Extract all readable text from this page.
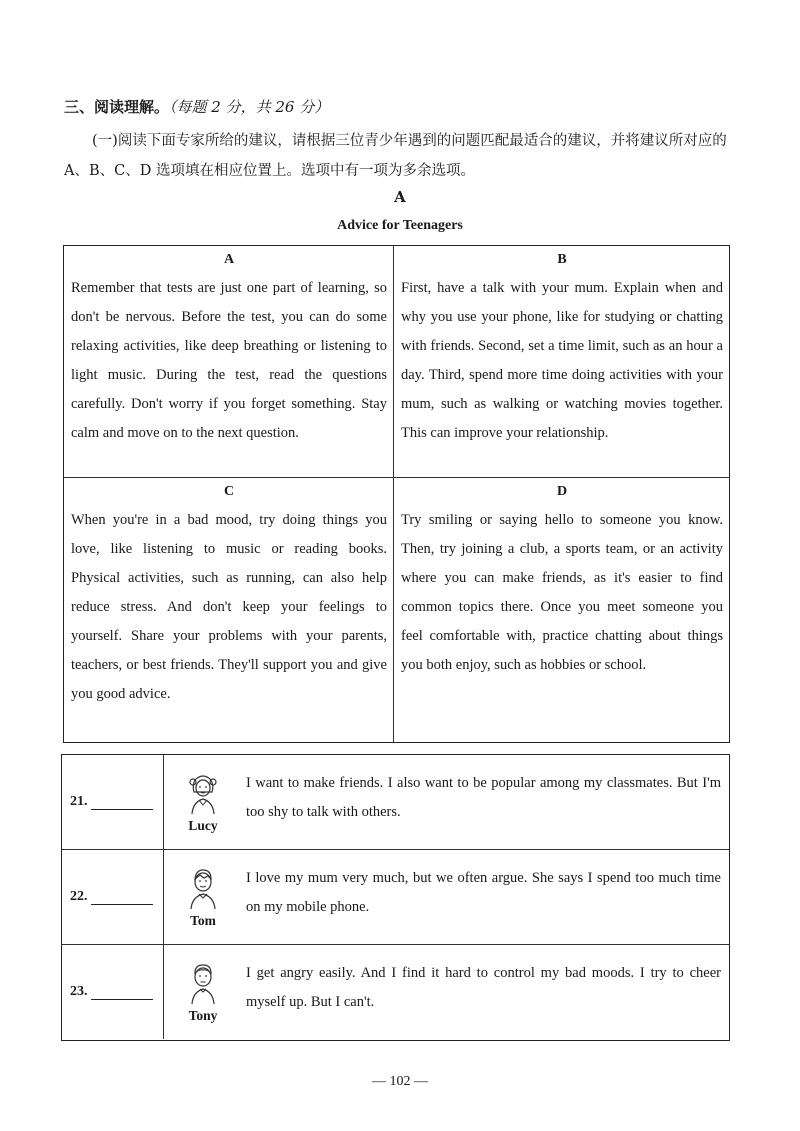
三、阅读理解。（每题 2 分，共 26 分）
(一)阅读下面专家所给的建议，请根据三位青少年遇到的问题匹配最适合的建议，并将建议所对应的 A、B、C、D 选项填在相应位置上。选项中有一项为多余选项。
A
Advice for Teenagers
A
Remember that tests are just one part of learning, so don't be nervous. Before the test, you can do some relaxing activities, like deep breathing or listening to light music. During the test, read the questions carefully. Don't worry if you forget something. Stay calm and move on to the next question.
B
First, have a talk with your mum. Explain when and why you use your phone, like for studying or chatting with friends. Second, set a time limit, such as an hour a day. Third, spend more time doing activities with your mum, such as walking or watching movies together. This can improve your relationship.
C
When you're in a bad mood, try doing things you love, like listening to music or reading books. Physical activities, such as running, can also help reduce stress. And don't keep your feelings to yourself. Share your problems with your parents, teachers, or best friends. They'll support you and give you good advice.
D
Try smiling or saying hello to someone you know. Then, try joining a club, a sports team, or an activity where you can make friends, as it's easier to find common topics there. Once you meet someone you feel comfortable with, practice chatting about things you both enjoy, such as hobbies or school.
21.
Lucy
I want to make friends. I also want to be popular among my classmates. But I'm too shy to talk with others.
22.
Tom
I love my mum very much, but we often argue. She says I spend too much time on my mobile phone.
23.
Tony
I get angry easily. And I find it hard to control my bad moods. I try to cheer myself up. But I can't.
— 102 —
